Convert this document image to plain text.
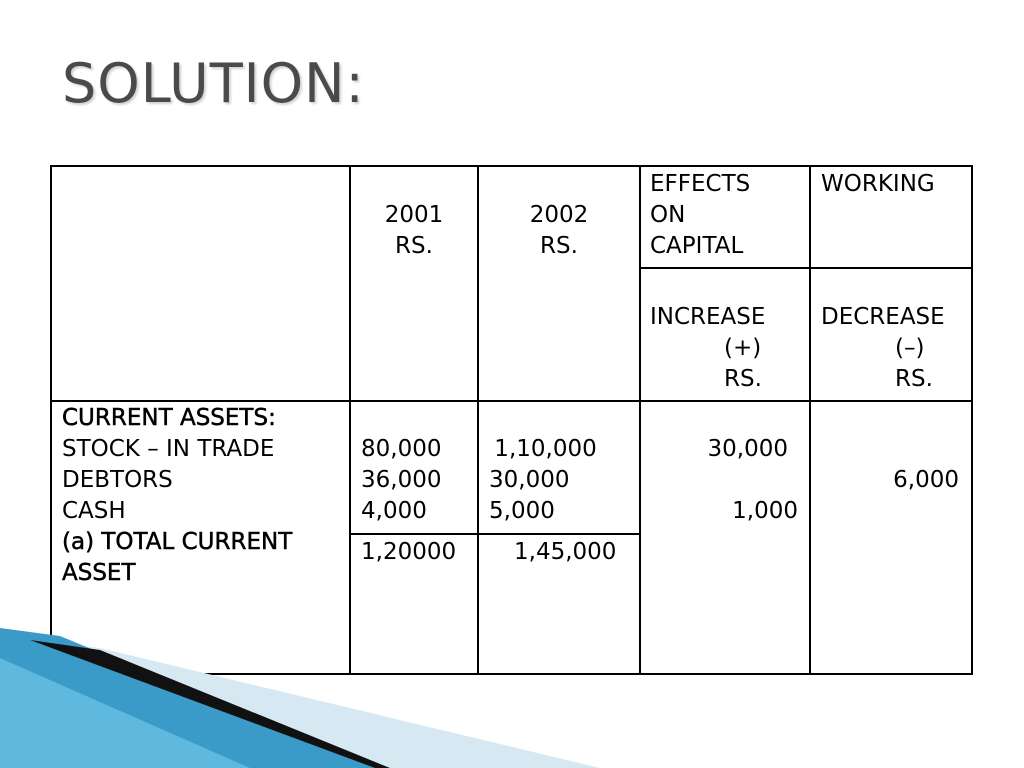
SOLUTION:
2001
RS.
2002
RS.
EFFECTS
ON
CAPITAL
WORKING
INCREASE
(+)
RS.
DECREASE
(–)
RS.
CURRENT ASSETS:
STOCK – IN TRADE
DEBTORS
CASH
(a) TOTAL CURRENT
ASSET
80,000
36,000
4,000
1,20000
1,10,000
30,000
5,000
1,45,000
30,000
1,000
6,000
